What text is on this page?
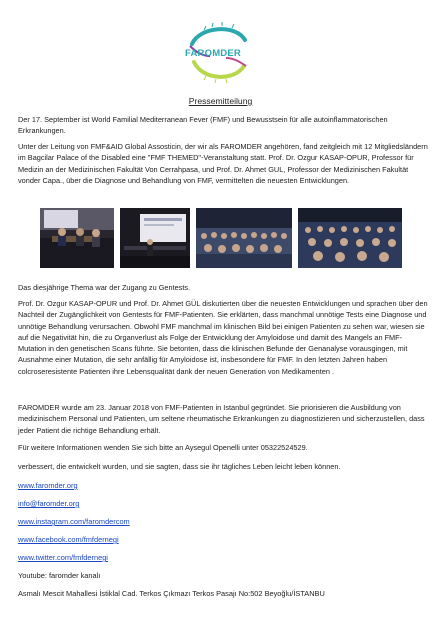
FAROMDER
Pressemitteilung

Der 17. September ist World Familial Mediterranean Fever (FMF) und Bewusstsein für alle autoinflammatorischen Erkrankungen.

Unter der Leitung von FMF&AID Global Assosticin, der wir als FAROMDER angehören, fand zeitgleich mit 12 Mitgliedsländern im Bagcilar Palace of the Disabled eine "FMF THEMED"-Veranstaltung statt. Prof. Dr. Ozgur KASAP-OPUR, Professor für Medizin an der Medizinischen Fakultät Von Cerrahpasa, und Prof. Dr. Ahmet GUL, Professor der Medizinischen Fakultät vonder Capa., über die Diagnose und Behandlung von FMF, vermittelten die neuesten Entwicklungen.

Das diesjährige Thema war der Zugang zu Gentests.

Prof. Dr. Ozgur KASAP-OPUR und Prof. Dr. Ahmet GÜL diskutierten über die neuesten Entwicklungen und sprachen über den Nachteil der Zugänglichkeit von Gentests für FMF-Patienten. Sie erklärten, dass manchmal unnötige Tests eine Diagnose und unnötige Behandlung verursachen. Obwohl FMF manchmal im klinischen Bild bei einigen Patienten zu sehen war, wiesen sie auf die Negativität hin, die zu Organverlust als Folge der Entwicklung der Amyloidose und damit des Mangels an FMF-Mutation in den genetischen Scans führte. Sie betonten, dass die klinischen Befunde der Genanalyse vorausgingen, mit Ausnahme einer Mutation, die sehr anfällig für Amyloidose ist, insbesondere für FMF. In den letzten Jahren haben colcroseresistente Patienten ihre Lebensqualität dank der neuen Generation von Medikamenten .

FAROMDER wurde am 23. Januar 2018 von FMF-Patienten in Istanbul gegründet. Sie priorisieren die Ausbildung von medizinischem Personal und Patienten, um seltene rheumatische Erkrankungen zu diagnostizieren und sicherzustellen, dass jeder Patient die richtige Behandlung erhält.

Für weitere Informationen wenden Sie sich bitte an Aysegul Openelli unter 05322524529.

verbessert, die entwickelt wurden, und sie sagten, dass sie ihr tägliches Leben leicht leben können.

www.faromder.org
info@faromder.org
www.instagram.com/faromdercom
www.facebook.com/fmfdernegi
www.twitter.com/fmfdernegi
Youtube: faromder kanalı
Asmalı Mescit Mahallesi İstiklal Cad. Terkos Çıkmazı Terkos Pasajı No:502 Beyoğlu/İSTANBU
